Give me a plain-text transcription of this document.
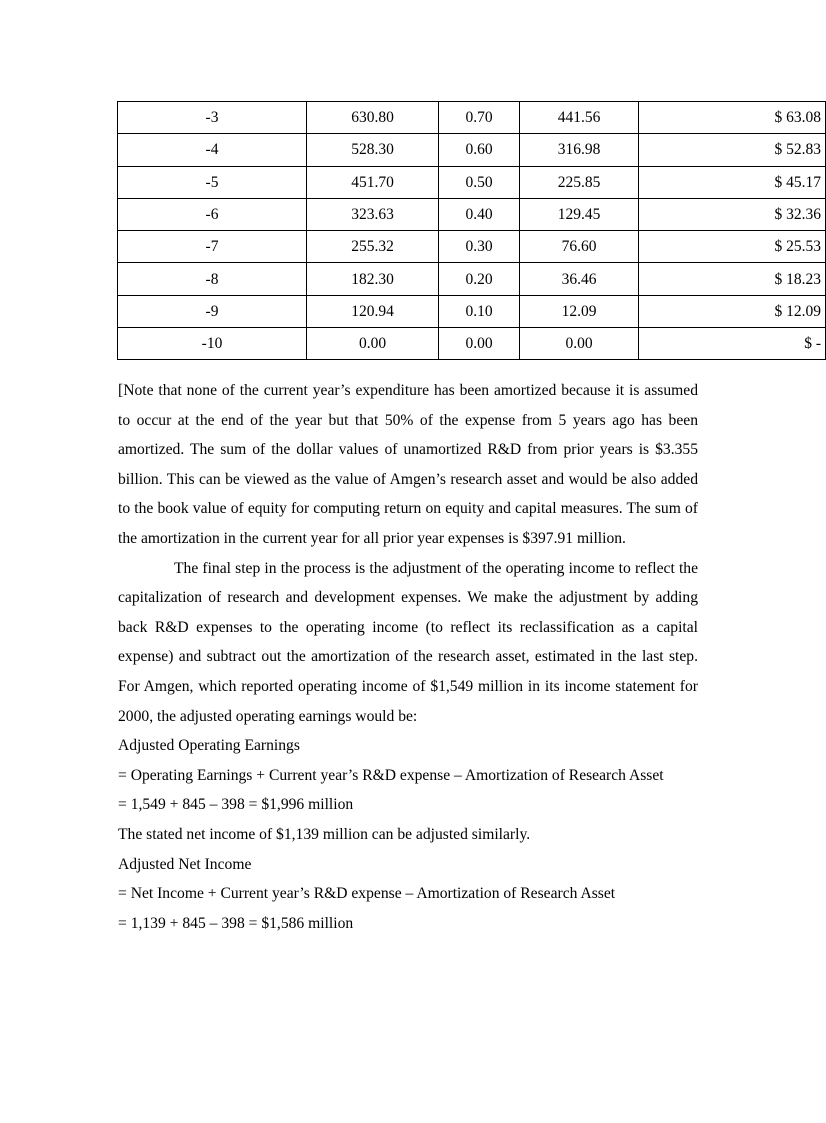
-3	630.80	0.70	441.56	$ 63.08
-4	528.30	0.60	316.98	$ 52.83
-5	451.70	0.50	225.85	$ 45.17
-6	323.63	0.40	129.45	$ 32.36
-7	255.32	0.30	76.60	$ 25.53
-8	182.30	0.20	36.46	$ 18.23
-9	120.94	0.10	12.09	$ 12.09
-10	0.00	0.00	0.00	$ -

[Note that none of the current year’s expenditure has been amortized because it is assumed to occur at the end of the year but that 50% of the expense from 5 years ago has been amortized. The sum of the dollar values of unamortized R&D from prior years is $3.355 billion. This can be viewed as the value of Amgen’s research asset and would be also added to the book value of equity for computing return on equity and capital measures. The sum of the amortization in the current year for all prior year expenses is $397.91 million.

The final step in the process is the adjustment of the operating income to reflect the capitalization of research and development expenses. We make the adjustment by adding back R&D expenses to the operating income (to reflect its reclassification as a capital expense) and subtract out the amortization of the research asset, estimated in the last step. For Amgen, which reported operating income of $1,549 million in its income statement for 2000, the adjusted operating earnings would be:

Adjusted Operating Earnings

= Operating Earnings + Current year’s R&D expense – Amortization of Research Asset

= 1,549 + 845 – 398 = $1,996 million

The stated net income of $1,139 million can be adjusted similarly.

Adjusted Net Income

= Net Income + Current year’s R&D expense – Amortization of Research Asset

= 1,139 + 845 – 398 = $1,586 million
